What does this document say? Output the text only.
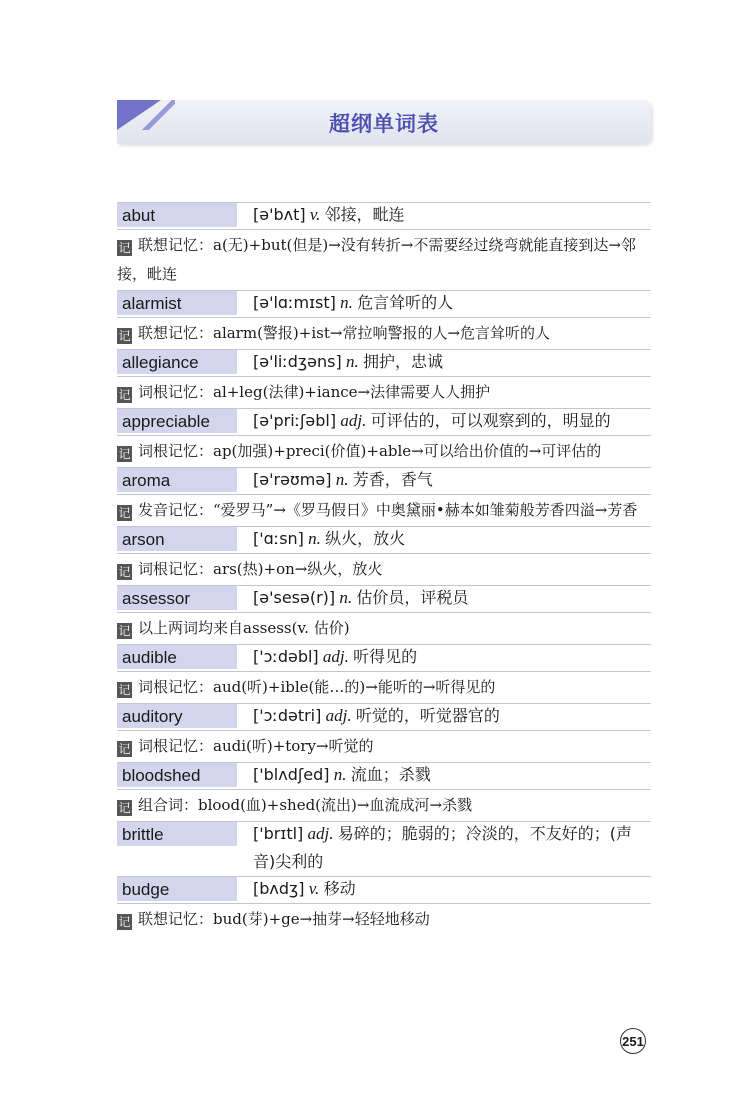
超纲单词表
abut	[ə'bʌt] v. 邻接，毗连
记 联想记忆：a(无)+but(但是)→没有转折→不需要经过绕弯就能直接到达→邻接，毗连
alarmist	[ə'lɑːmɪst] n. 危言耸听的人
记 联想记忆：alarm(警报)+ist→常拉响警报的人→危言耸听的人
allegiance	[ə'liːdʒəns] n. 拥护，忠诚
记 词根记忆：al+leg(法律)+iance→法律需要人人拥护
appreciable	[ə'priːʃəbl] adj. 可评估的，可以观察到的，明显的
记 词根记忆：ap(加强)+preci(价值)+able→可以给出价值的→可评估的
aroma	[ə'rəʊmə] n. 芳香，香气
记 发音记忆：“爱罗马”→《罗马假日》中奥黛丽•赫本如雏菊般芳香四溢→芳香
arson	['ɑːsn] n. 纵火，放火
记 词根记忆：ars(热)+on→纵火，放火
assessor	[ə'sesə(r)] n. 估价员，评税员
记 以上两词均来自assess(v. 估价)
audible	['ɔːdəbl] adj. 听得见的
记 词根记忆：aud(听)+ible(能…的)→能听的→听得见的
auditory	['ɔːdətri] adj. 听觉的，听觉器官的
记 词根记忆：audi(听)+tory→听觉的
bloodshed	['blʌdʃed] n. 流血；杀戮
记 组合词：blood(血)+shed(流出)→血流成河→杀戮
brittle	['brɪtl] adj. 易碎的；脆弱的；冷淡的，不友好的；(声音)尖利的
budge	[bʌdʒ] v. 移动
记 联想记忆：bud(芽)+ge→抽芽→轻轻地移动
251
